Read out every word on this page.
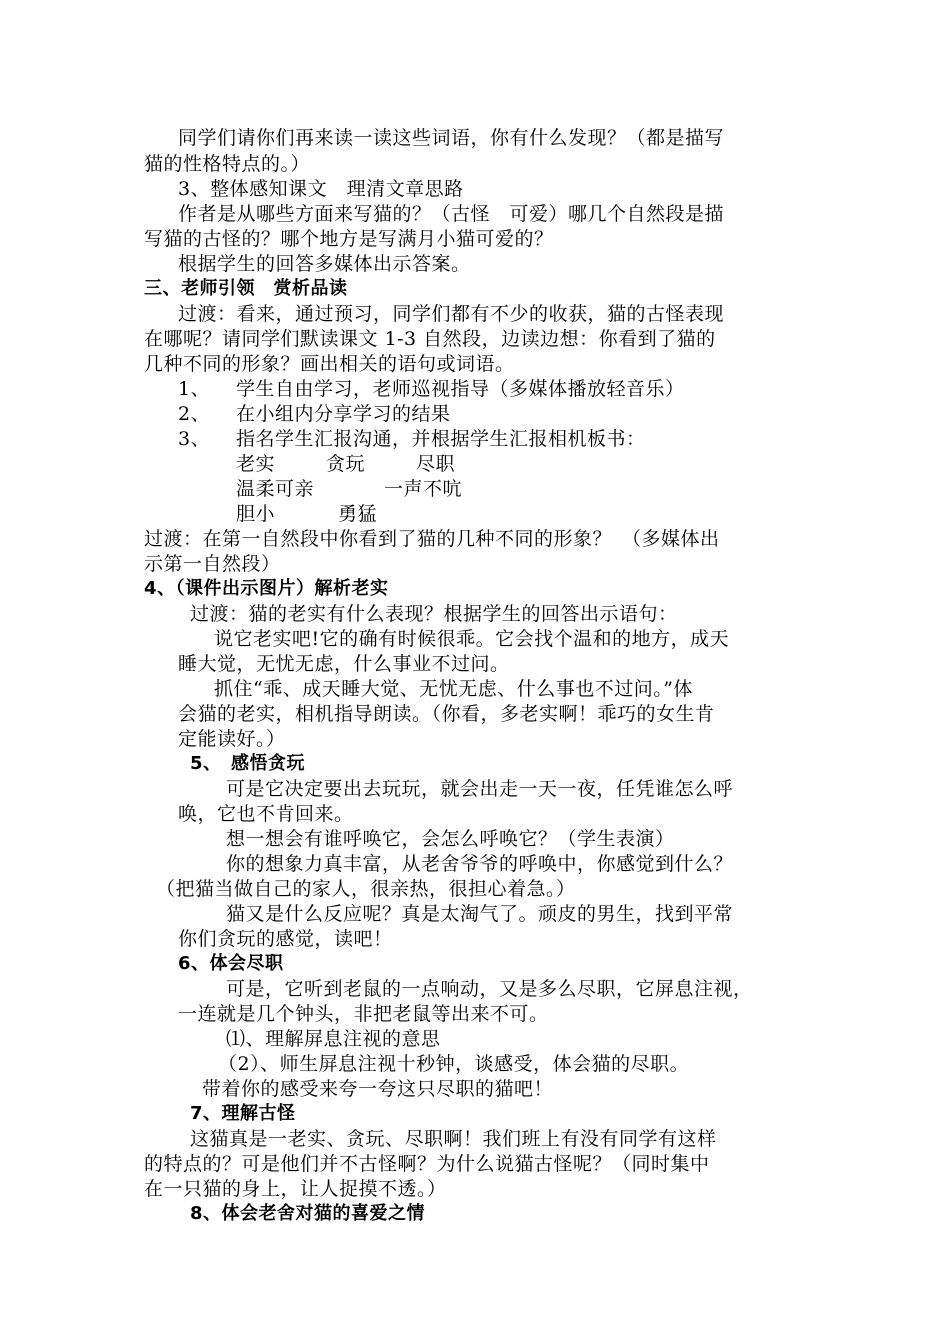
同学们请你们再来读一读这些词语，你有什么发现？（都是描写
猫的性格特点的。）
3、整体感知课文　理清文章思路
作者是从哪些方面来写猫的？（古怪　可爱）哪几个自然段是描
写猫的古怪的？哪个地方是写满月小猫可爱的？
根据学生的回答多媒体出示答案。
三、老师引领　赏析品读
过渡：看来，通过预习，同学们都有不少的收获，猫的古怪表现
在哪呢？请同学们默读课文 1-3 自然段，边读边想：你看到了猫的
几种不同的形象？画出相关的语句或词语。
1、 学生自由学习，老师巡视指导（多媒体播放轻音乐）
2、 在小组内分享学习的结果
3、 指名学生汇报沟通，并根据学生汇报相机板书：
老实	贪玩	尽职
温柔可亲	一声不吭
胆小	勇猛
过渡：在第一自然段中你看到了猫的几种不同的形象？　（多媒体出
示第一自然段）
4、（课件出示图片）解析老实
过渡：猫的老实有什么表现？根据学生的回答出示语句：
说它老实吧!它的确有时候很乖。它会找个温和的地方，成天
睡大觉，无忧无虑，什么事业不过问。
抓住“乖、成天睡大觉、无忧无虑、什么事也不过问。”体
会猫的老实，相机指导朗读。（你看，多老实啊！乖巧的女生肯
定能读好。）
5、　感悟贪玩
可是它决定要出去玩玩，就会出走一天一夜，任凭谁怎么呼
唤，它也不肯回来。
想一想会有谁呼唤它，会怎么呼唤它？（学生表演）
你的想象力真丰富，从老舍爷爷的呼唤中，你感觉到什么？
（把猫当做自己的家人，很亲热，很担心着急。）
猫又是什么反应呢？真是太淘气了。顽皮的男生，找到平常
你们贪玩的感觉，读吧！
6、体会尽职
可是，它听到老鼠的一点响动，又是多么尽职，它屏息注视，
一连就是几个钟头，非把老鼠等出来不可。
⑴、理解屏息注视的意思
（2）、师生屏息注视十秒钟，谈感受，体会猫的尽职。
带着你的感受来夸一夸这只尽职的猫吧！
7、理解古怪
这猫真是一老实、贪玩、尽职啊！我们班上有没有同学有这样
的特点的？可是他们并不古怪啊？为什么说猫古怪呢？（同时集中
在一只猫的身上，让人捉摸不透。）
8、体会老舍对猫的喜爱之情
